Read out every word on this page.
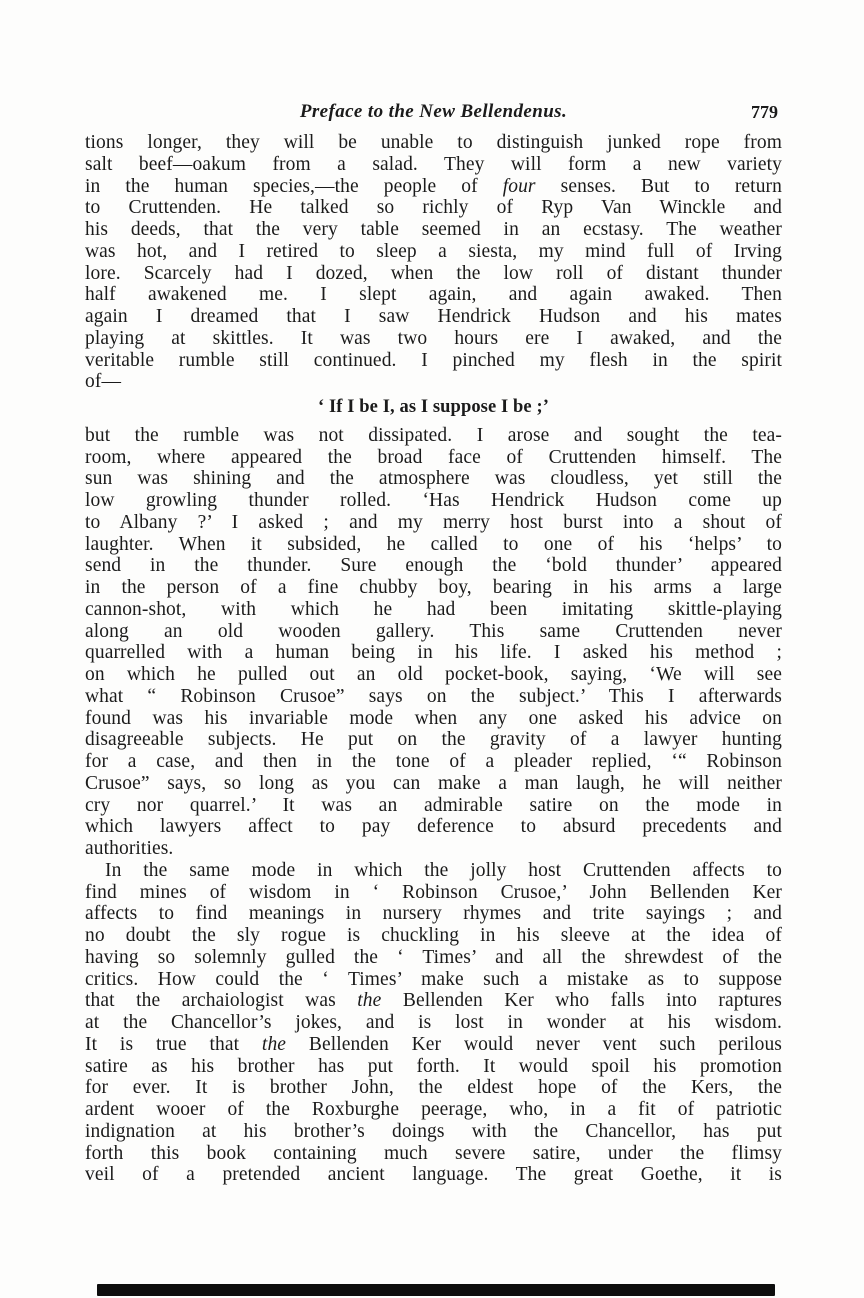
Preface to the New Bellendenus.	779
tions longer, they will be unable to distinguish junked rope from
salt beef—oakum from a salad. They will form a new variety
in the human species,—the people of four senses. But to return
to Cruttenden. He talked so richly of Ryp Van Winckle and
his deeds, that the very table seemed in an ecstasy. The weather
was hot, and I retired to sleep a siesta, my mind full of Irving
lore. Scarcely had I dozed, when the low roll of distant thunder
half awakened me. I slept again, and again awaked. Then
again I dreamed that I saw Hendrick Hudson and his mates
playing at skittles. It was two hours ere I awaked, and the
veritable rumble still continued. I pinched my flesh in the spirit
of—
‘ If I be I, as I suppose I be ;’
but the rumble was not dissipated. I arose and sought the tea-
room, where appeared the broad face of Cruttenden himself. The
sun was shining and the atmosphere was cloudless, yet still the
low growling thunder rolled. ‘Has Hendrick Hudson come up
to Albany ?’ I asked ; and my merry host burst into a shout of
laughter. When it subsided, he called to one of his ‘helps’ to
send in the thunder. Sure enough the ‘bold thunder’ appeared
in the person of a fine chubby boy, bearing in his arms a large
cannon-shot, with which he had been imitating skittle-playing
along an old wooden gallery. This same Cruttenden never
quarrelled with a human being in his life. I asked his method ;
on which he pulled out an old pocket-book, saying, ‘We will see
what “ Robinson Crusoe” says on the subject.’ This I afterwards
found was his invariable mode when any one asked his advice on
disagreeable subjects. He put on the gravity of a lawyer hunting
for a case, and then in the tone of a pleader replied, ‘“ Robinson
Crusoe” says, so long as you can make a man laugh, he will neither
cry nor quarrel.’ It was an admirable satire on the mode in
which lawyers affect to pay deference to absurd precedents and
authorities.
In the same mode in which the jolly host Cruttenden affects to
find mines of wisdom in ‘ Robinson Crusoe,’ John Bellenden Ker
affects to find meanings in nursery rhymes and trite sayings ; and
no doubt the sly rogue is chuckling in his sleeve at the idea of
having so solemnly gulled the ‘ Times’ and all the shrewdest of the
critics. How could the ‘ Times’ make such a mistake as to suppose
that the archaiologist was the Bellenden Ker who falls into raptures
at the Chancellor’s jokes, and is lost in wonder at his wisdom.
It is true that the Bellenden Ker would never vent such perilous
satire as his brother has put forth. It would spoil his promotion
for ever. It is brother John, the eldest hope of the Kers, the
ardent wooer of the Roxburghe peerage, who, in a fit of patriotic
indignation at his brother’s doings with the Chancellor, has put
forth this book containing much severe satire, under the flimsy
veil of a pretended ancient language. The great Goethe, it is
